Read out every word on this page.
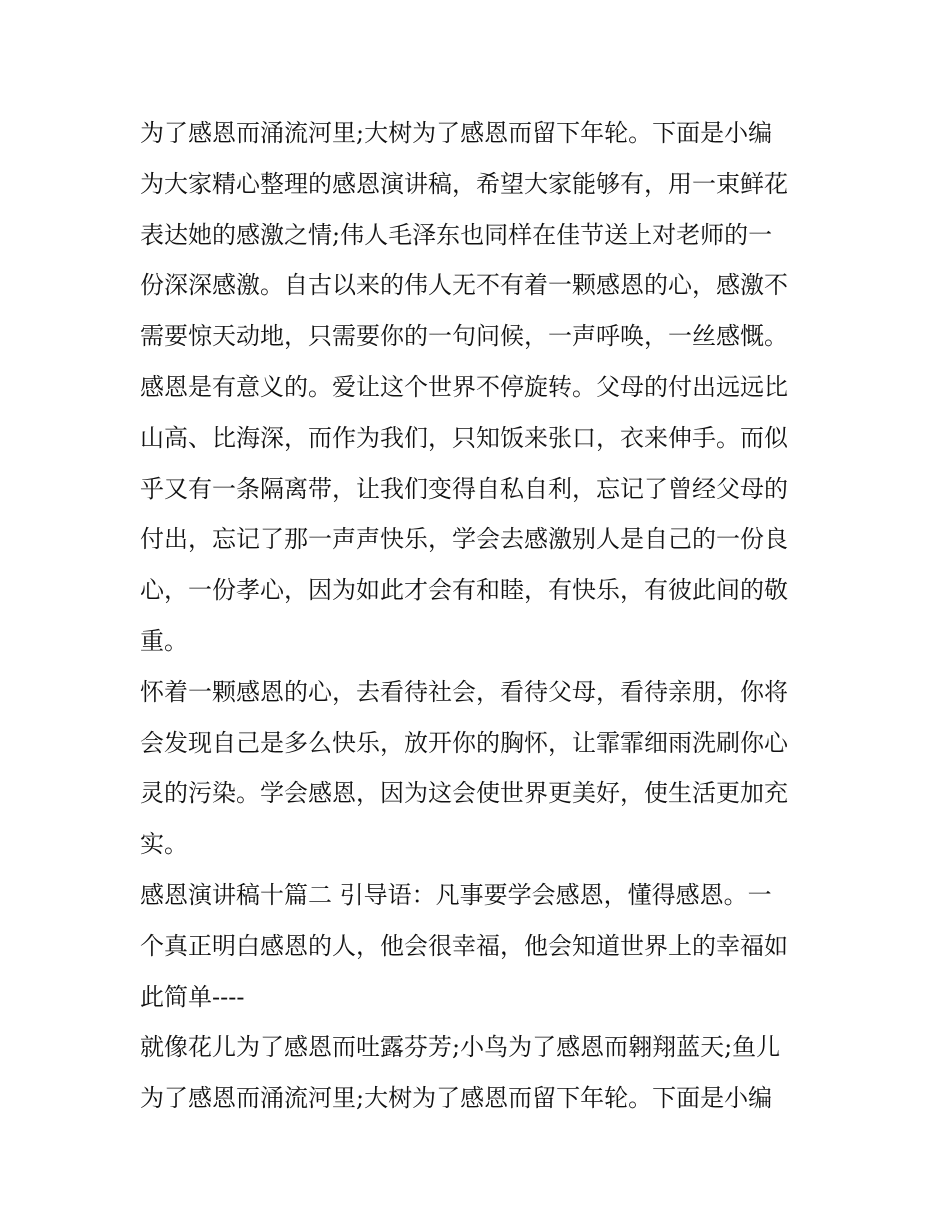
为了感恩而涌流河里;大树为了感恩而留下年轮。下面是小编
为大家精心整理的感恩演讲稿，希望大家能够有，用一束鲜花
表达她的感激之情;伟人毛泽东也同样在佳节送上对老师的一
份深深感激。自古以来的伟人无不有着一颗感恩的心，感激不
需要惊天动地，只需要你的一句问候，一声呼唤，一丝感慨。
感恩是有意义的。爱让这个世界不停旋转。父母的付出远远比
山高、比海深，而作为我们，只知饭来张口，衣来伸手。而似
乎又有一条隔离带，让我们变得自私自利，忘记了曾经父母的
付出，忘记了那一声声快乐，学会去感激别人是自己的一份良
心，一份孝心，因为如此才会有和睦，有快乐，有彼此间的敬
重。
怀着一颗感恩的心，去看待社会，看待父母，看待亲朋，你将
会发现自己是多么快乐，放开你的胸怀，让霏霏细雨洗刷你心
灵的污染。学会感恩，因为这会使世界更美好，使生活更加充
实。
感恩演讲稿十篇二 引导语：凡事要学会感恩，懂得感恩。一
个真正明白感恩的人，他会很幸福，他会知道世界上的幸福如
此简单----
就像花儿为了感恩而吐露芬芳;小鸟为了感恩而翱翔蓝天;鱼儿
为了感恩而涌流河里;大树为了感恩而留下年轮。下面是小编
